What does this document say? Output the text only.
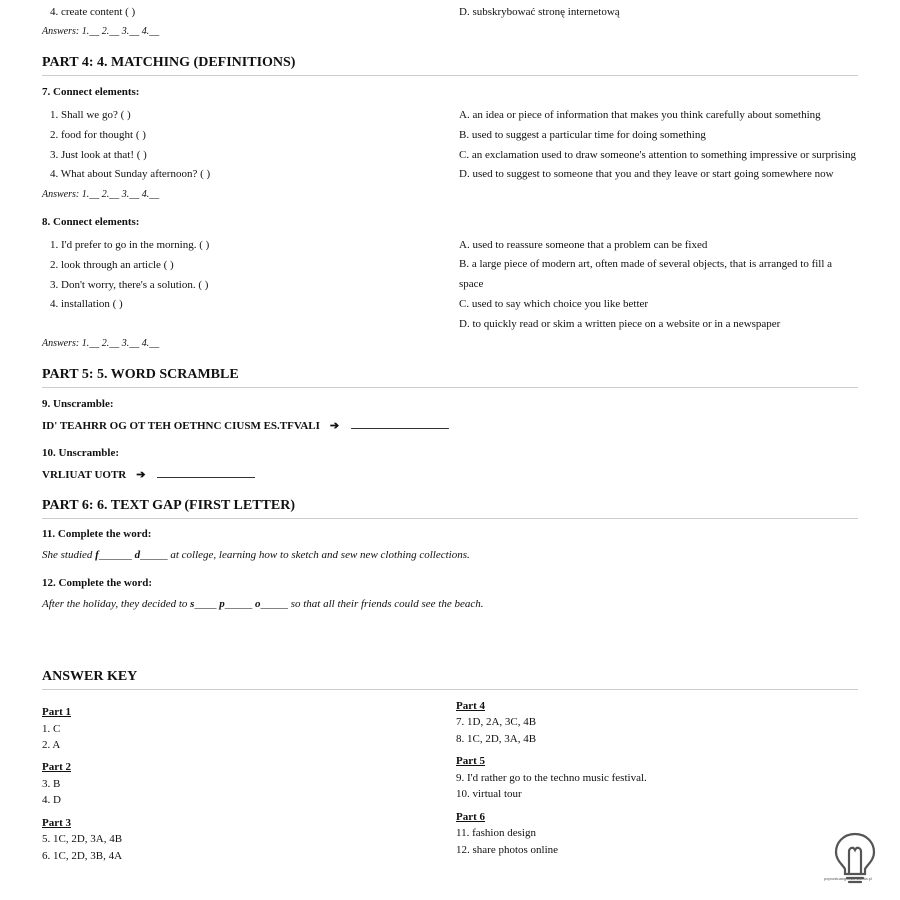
4. create content ( )	D. subskrybować stronę internetową
Answers: 1.__ 2.__ 3.__ 4.__
PART 4: 4. MATCHING (DEFINITIONS)
7. Connect elements:
1. Shall we go? ( )
2. food for thought ( )
3. Just look at that! ( )
4. What about Sunday afternoon? ( )
A. an idea or piece of information that makes you think carefully about something
B. used to suggest a particular time for doing something
C. an exclamation used to draw someone's attention to something impressive or surprising
D. used to suggest to someone that you and they leave or start going somewhere now
Answers: 1.__ 2.__ 3.__ 4.__
8. Connect elements:
1. I'd prefer to go in the morning. ( )
2. look through an article ( )
3. Don't worry, there's a solution. ( )
4. installation ( )
A. used to reassure someone that a problem can be fixed
B. a large piece of modern art, often made of several objects, that is arranged to fill a space
C. used to say which choice you like better
D. to quickly read or skim a written piece on a website or in a newspaper
Answers: 1.__ 2.__ 3.__ 4.__
PART 5: 5. WORD SCRAMBLE
9. Unscramble:
ID' TEAHRR OG OT TEH OETHNC CIUSM ES.TFVALI ➔
10. Unscramble:
VRLIUAT UOTR ➔
PART 6: 6. TEXT GAP (FIRST LETTER)
11. Complete the word:
She studied f______ d_____ at college, learning how to sketch and sew new clothing collections.
12. Complete the word:
After the holiday, they decided to s____ p_____ o_____ so that all their friends could see the beach.
ANSWER KEY
Part 1
1. C
2. A
Part 2
3. B
4. D
Part 3
5. 1C, 2D, 3A, 4B
6. 1C, 2D, 3B, 4A
Part 4
7. 1D, 2A, 3C, 4B
8. 1C, 2D, 3A, 4B
Part 5
9. I'd rather go to the techno music festival.
10. virtual tour
Part 6
11. fashion design
12. share photos online
poprostuangielski.szkola.pl
